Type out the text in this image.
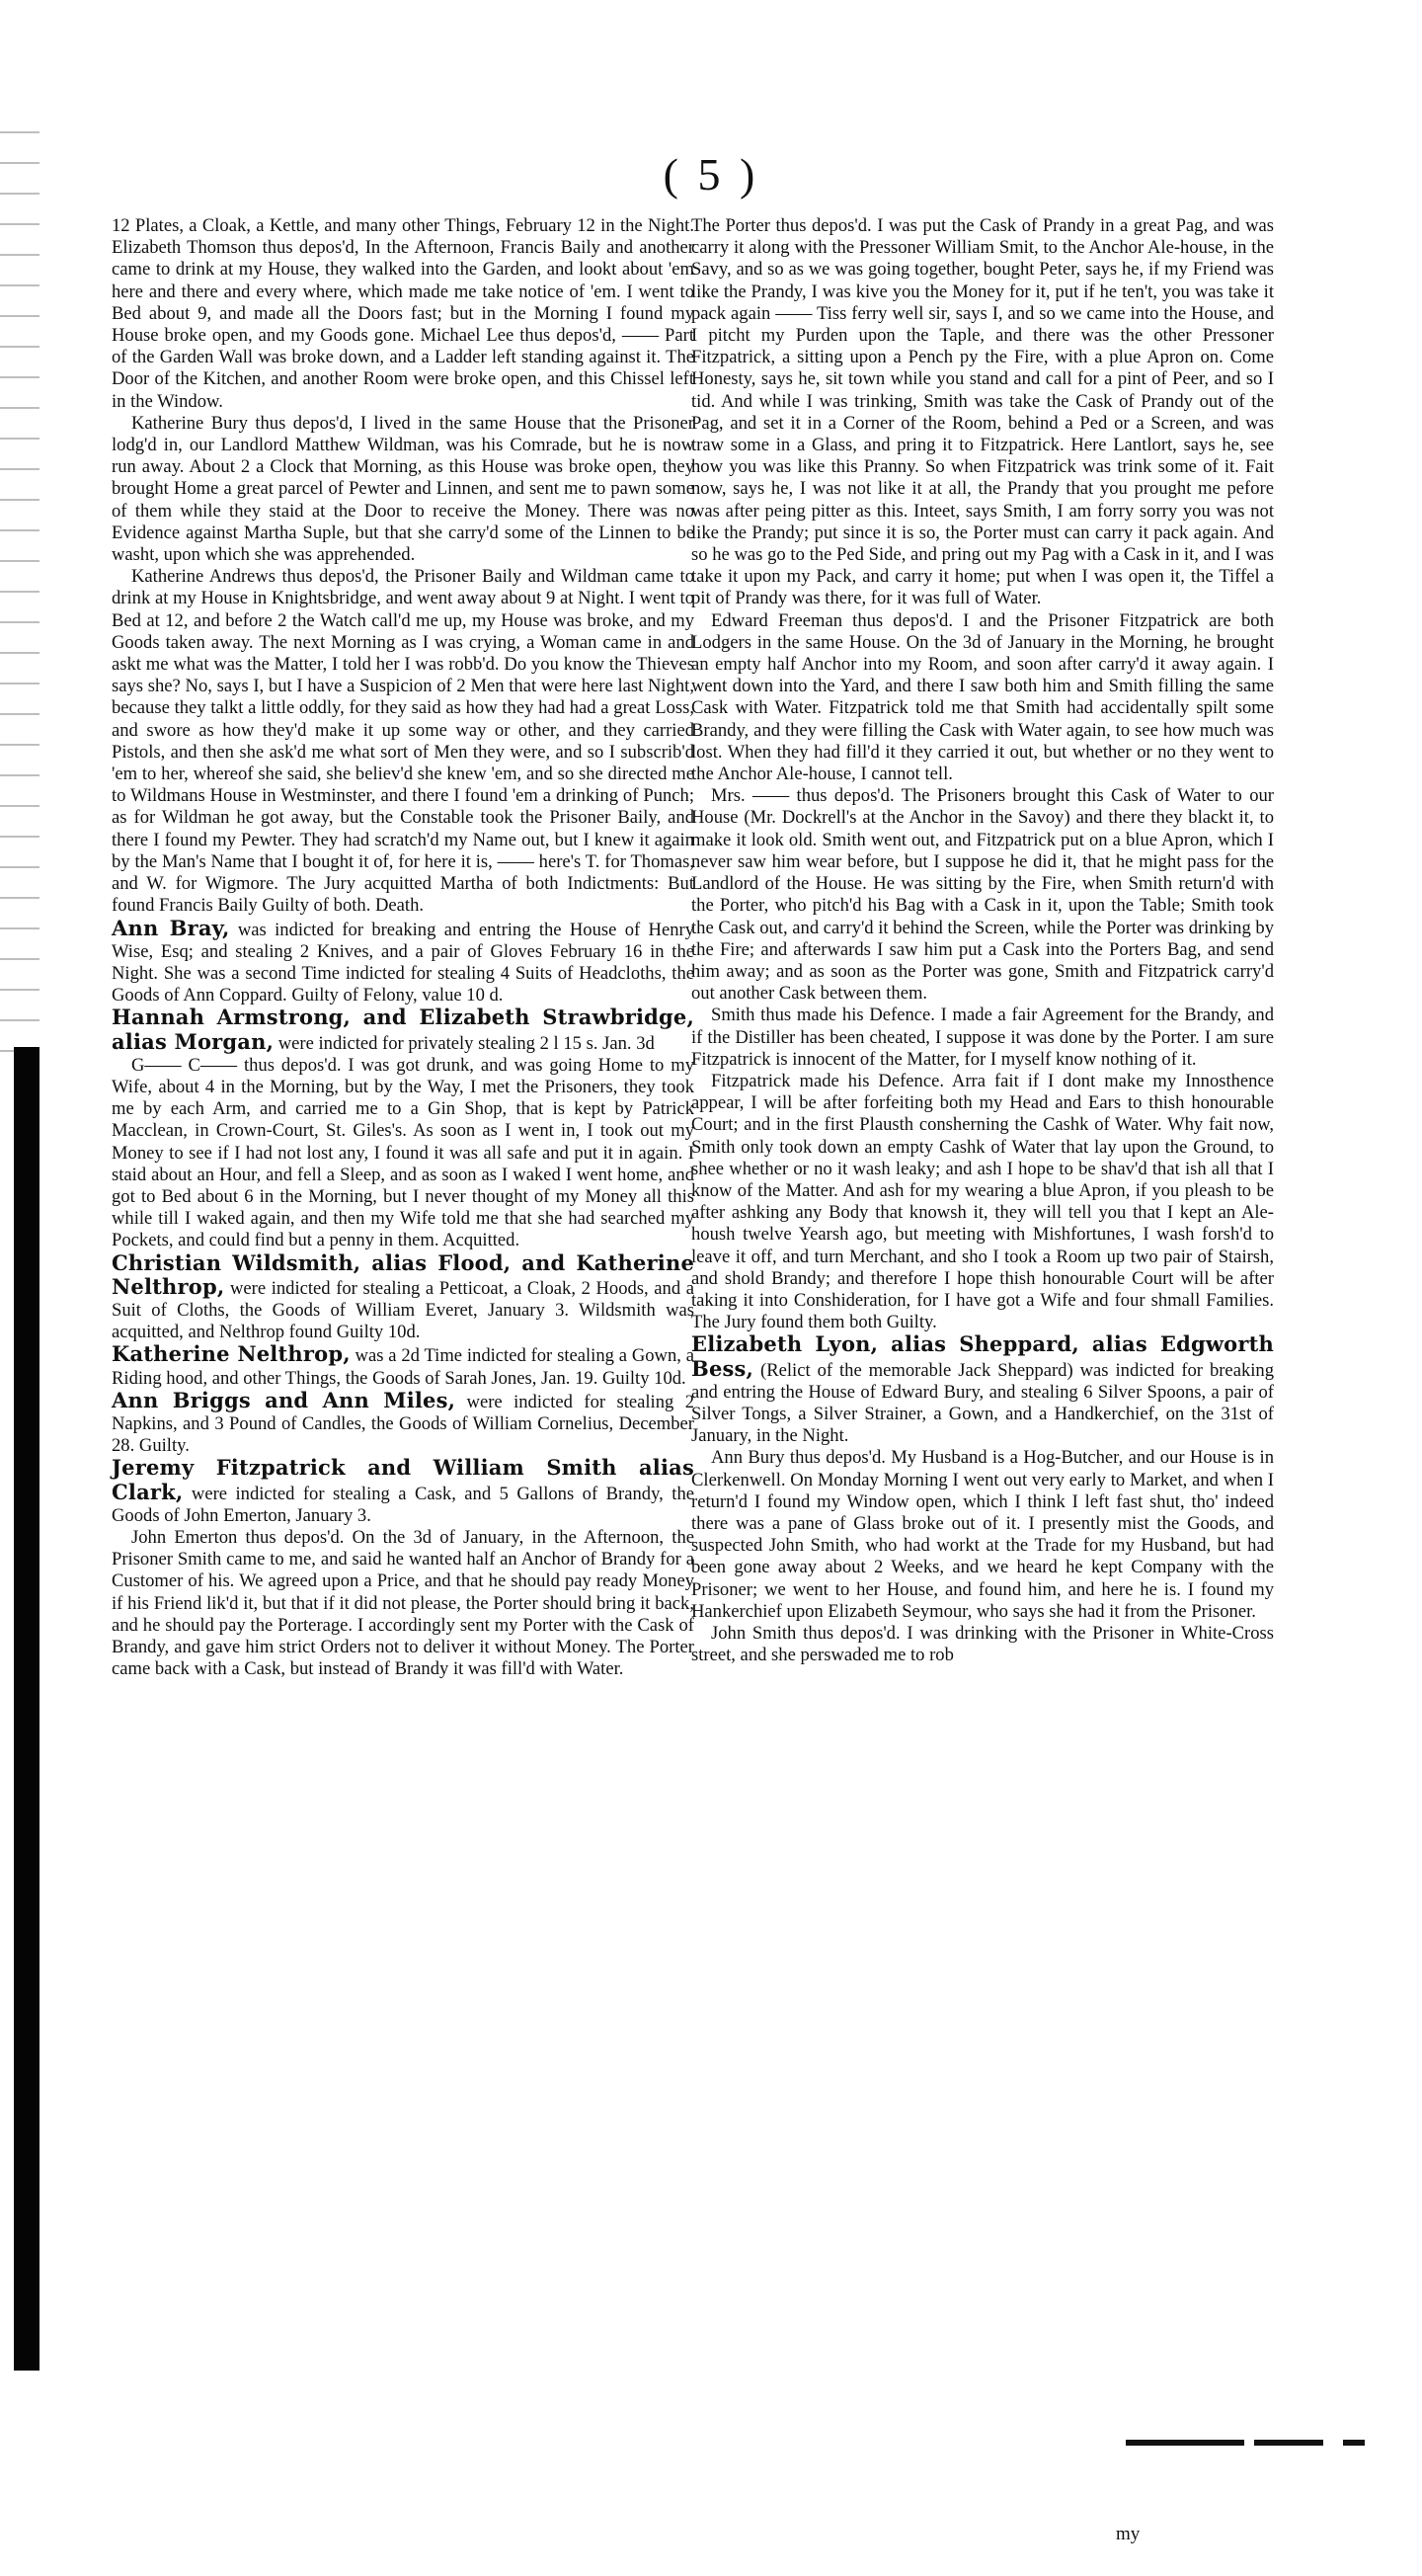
( 5 )

12 Plates, a Cloak, a Kettle, and many other Things, February 12 in the Night. Elizabeth Thomson thus depos'd, In the Afternoon, Francis Baily and another came to drink at my House, they walked into the Garden, and lookt about 'em here and there and every where, which made me take notice of 'em. I went to Bed about 9, and made all the Doors fast; but in the Morning I found my House broke open, and my Goods gone. Michael Lee thus depos'd, —— Part of the Garden Wall was broke down, and a Ladder left standing against it. The Door of the Kitchen, and another Room were broke open, and this Chissel left in the Window.

Katherine Bury thus depos'd, I lived in the same House that the Prisoner lodg'd in, our Landlord Matthew Wildman, was his Comrade, but he is now run away. About 2 a Clock that Morning, as this House was broke open, they brought Home a great parcel of Pewter and Linnen, and sent me to pawn some of them while they staid at the Door to receive the Money. There was no Evidence against Martha Suple, but that she carry'd some of the Linnen to be washt, upon which she was apprehended.

Katherine Andrews thus depos'd, the Prisoner Baily and Wildman came to drink at my House in Knightsbridge, and went away about 9 at Night. I went to Bed at 12, and before 2 the Watch call'd me up, my House was broke, and my Goods taken away. The next Morning as I was crying, a Woman came in and askt me what was the Matter, I told her I was robb'd. Do you know the Thieves says she? No, says I, but I have a Suspicion of 2 Men that were here last Night, because they talkt a little oddly, for they said as how they had had a great Loss, and swore as how they'd make it up some way or other, and they carried Pistols, and then she ask'd me what sort of Men they were, and so I subscrib'd 'em to her, whereof she said, she believ'd she knew 'em, and so she directed me to Wildmans House in Westminster, and there I found 'em a drinking of Punch; as for Wildman he got away, but the Constable took the Prisoner Baily, and there I found my Pewter. They had scratch'd my Name out, but I knew it again by the Man's Name that I bought it of, for here it is, —— here's T. for Thomas, and W. for Wigmore. The Jury acquitted Martha of both Indictments: But found Francis Baily Guilty of both. Death.

Ann Bray, was indicted for breaking and entring the House of Henry Wise, Esq; and stealing 2 Knives, and a pair of Gloves February 16 in the Night. She was a second Time indicted for stealing 4 Suits of Headcloths, the Goods of Ann Coppard. Guilty of Felony, value 10 d.

Hannah Armstrong, and Elizabeth Strawbridge, alias Morgan, were indicted for privately stealing 2 l 15 s. Jan. 3d

G—— C—— thus depos'd. I was got drunk, and was going Home to my Wife, about 4 in the Morning, but by the Way, I met the Prisoners, they took me by each Arm, and carried me to a Gin Shop, that is kept by Patrick Macclean, in Crown-Court, St. Giles's. As soon as I went in, I took out my Money to see if I had not lost any, I found it was all safe and put it in again. I staid about an Hour, and fell a Sleep, and as soon as I waked I went home, and got to Bed about 6 in the Morning, but I never thought of my Money all this while till I waked again, and then my Wife told me that she had searched my Pockets, and could find but a penny in them. Acquitted.

Christian Wildsmith, alias Flood, and Katherine Nelthrop, were indicted for stealing a Petticoat, a Cloak, 2 Hoods, and a Suit of Cloths, the Goods of William Everet, January 3. Wildsmith was acquitted, and Nelthrop found Guilty 10d.

Katherine Nelthrop, was a 2d Time indicted for stealing a Gown, a Riding hood, and other Things, the Goods of Sarah Jones, Jan. 19. Guilty 10d.

Ann Briggs and Ann Miles, were indicted for stealing 2 Napkins, and 3 Pound of Candles, the Goods of William Cornelius, December 28. Guilty.

Jeremy Fitzpatrick and William Smith alias Clark, were indicted for stealing a Cask, and 5 Gallons of Brandy, the Goods of John Emerton, January 3.

John Emerton thus depos'd. On the 3d of January, in the Afternoon, the Prisoner Smith came to me, and said he wanted half an Anchor of Brandy for a Customer of his. We agreed upon a Price, and that he should pay ready Money if his Friend lik'd it, but that if it did not please, the Porter should bring it back, and he should pay the Porterage. I accordingly sent my Porter with the Cask of Brandy, and gave him strict Orders not to deliver it without Money. The Porter came back with a Cask, but instead of Brandy it was fill'd with Water.

The Porter thus depos'd. I was put the Cask of Prandy in a great Pag, and was carry it along with the Pressoner William Smit, to the Anchor Ale-house, in the Savy, and so as we was going together, bought Peter, says he, if my Friend was like the Prandy, I was kive you the Money for it, put if he ten't, you was take it pack again —— Tiss ferry well sir, says I, and so we came into the House, and I pitcht my Purden upon the Taple, and there was the other Pressoner Fitzpatrick, a sitting upon a Pench py the Fire, with a plue Apron on. Come Honesty, says he, sit town while you stand and call for a pint of Peer, and so I tid. And while I was trinking, Smith was take the Cask of Prandy out of the Pag, and set it in a Corner of the Room, behind a Ped or a Screen, and was traw some in a Glass, and pring it to Fitzpatrick. Here Lantlort, says he, see how you was like this Pranny. So when Fitzpatrick was trink some of it. Fait now, says he, I was not like it at all, the Prandy that you prought me pefore was after peing pitter as this. Inteet, says Smith, I am forry sorry you was not like the Prandy; put since it is so, the Porter must can carry it pack again. And so he was go to the Ped Side, and pring out my Pag with a Cask in it, and I was take it upon my Pack, and carry it home; put when I was open it, the Tiffel a pit of Prandy was there, for it was full of Water.

Edward Freeman thus depos'd. I and the Prisoner Fitzpatrick are both Lodgers in the same House. On the 3d of January in the Morning, he brought an empty half Anchor into my Room, and soon after carry'd it away again. I went down into the Yard, and there I saw both him and Smith filling the same Cask with Water. Fitzpatrick told me that Smith had accidentally spilt some Brandy, and they were filling the Cask with Water again, to see how much was lost. When they had fill'd it they carried it out, but whether or no they went to the Anchor Ale-house, I cannot tell.

Mrs. —— thus depos'd. The Prisoners brought this Cask of Water to our House (Mr. Dockrell's at the Anchor in the Savoy) and there they blackt it, to make it look old. Smith went out, and Fitzpatrick put on a blue Apron, which I never saw him wear before, but I suppose he did it, that he might pass for the Landlord of the House. He was sitting by the Fire, when Smith return'd with the Porter, who pitch'd his Bag with a Cask in it, upon the Table; Smith took the Cask out, and carry'd it behind the Screen, while the Porter was drinking by the Fire; and afterwards I saw him put a Cask into the Porters Bag, and send him away; and as soon as the Porter was gone, Smith and Fitzpatrick carry'd out another Cask between them.

Smith thus made his Defence. I made a fair Agreement for the Brandy, and if the Distiller has been cheated, I suppose it was done by the Porter. I am sure Fitzpatrick is innocent of the Matter, for I myself know nothing of it.

Fitzpatrick made his Defence. Arra fait if I dont make my Innosthence appear, I will be after forfeiting both my Head and Ears to thish honourable Court; and in the first Plausth consherning the Cashk of Water. Why fait now, Smith only took down an empty Cashk of Water that lay upon the Ground, to shee whether or no it wash leaky; and ash I hope to be shav'd that ish all that I know of the Matter. And ash for my wearing a blue Apron, if you pleash to be after ashking any Body that knowsh it, they will tell you that I kept an Ale-housh twelve Yearsh ago, but meeting with Mishfortunes, I wash forsh'd to leave it off, and turn Merchant, and sho I took a Room up two pair of Stairsh, and shold Brandy; and therefore I hope thish honourable Court will be after taking it into Conshideration, for I have got a Wife and four shmall Families. The Jury found them both Guilty.

Elizabeth Lyon, alias Sheppard, alias Edgworth Bess, (Relict of the memorable Jack Sheppard) was indicted for breaking and entring the House of Edward Bury, and stealing 6 Silver Spoons, a pair of Silver Tongs, a Silver Strainer, a Gown, and a Handkerchief, on the 31st of January, in the Night.

Ann Bury thus depos'd. My Husband is a Hog-Butcher, and our House is in Clerkenwell. On Monday Morning I went out very early to Market, and when I return'd I found my Window open, which I think I left fast shut, tho' indeed there was a pane of Glass broke out of it. I presently mist the Goods, and suspected John Smith, who had workt at the Trade for my Husband, but had been gone away about 2 Weeks, and we heard he kept Company with the Prisoner; we went to her House, and found him, and here he is. I found my Hankerchief upon Elizabeth Seymour, who says she had it from the Prisoner.

John Smith thus depos'd. I was drinking with the Prisoner in White-Cross street, and she perswaded me to rob

my
